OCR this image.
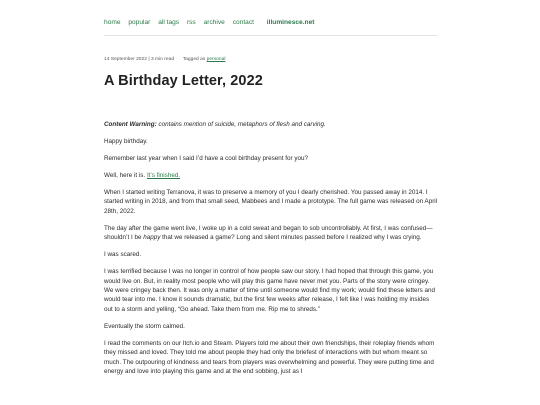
home popular all tags rss archive contact illuminesce.net
14 September 2022 | 3 min read Tagged as personal
A Birthday Letter, 2022

Content Warning: contains mention of suicide, metaphors of flesh and carving.

Happy birthday.

Remember last year when I said I’d have a cool birthday present for you?

Well, here it is. It’s finished.

When I started writing Terranova, it was to preserve a memory of you I dearly cherished. You passed away in 2014. I started writing in 2018, and from that small seed, Mabbees and I made a prototype. The full game was released on April 28th, 2022.

The day after the game went live, I woke up in a cold sweat and began to sob uncontrollably. At first, I was confused—shouldn’t I be happy that we released a game? Long and silent minutes passed before I realized why I was crying.

I was scared.

I was terrified because I was no longer in control of how people saw our story. I had hoped that through this game, you would live on. But, in reality most people who will play this game have never met you. Parts of the story were cringey. We were cringey back then. It was only a matter of time until someone would find my work; would find these letters and would tear into me. I know it sounds dramatic, but the first few weeks after release, I felt like I was holding my insides out to a storm and yelling, “Go ahead. Take them from me. Rip me to shreds.”

Eventually the storm calmed.

I read the comments on our Itch.io and Steam. Players told me about their own friendships, their roleplay friends whom they missed and loved. They told me about people they had only the briefest of interactions with but whom meant so much. The outpouring of kindness and tears from players was overwhelming and powerful. They were putting time and energy and love into playing this game and at the end sobbing, just as I
